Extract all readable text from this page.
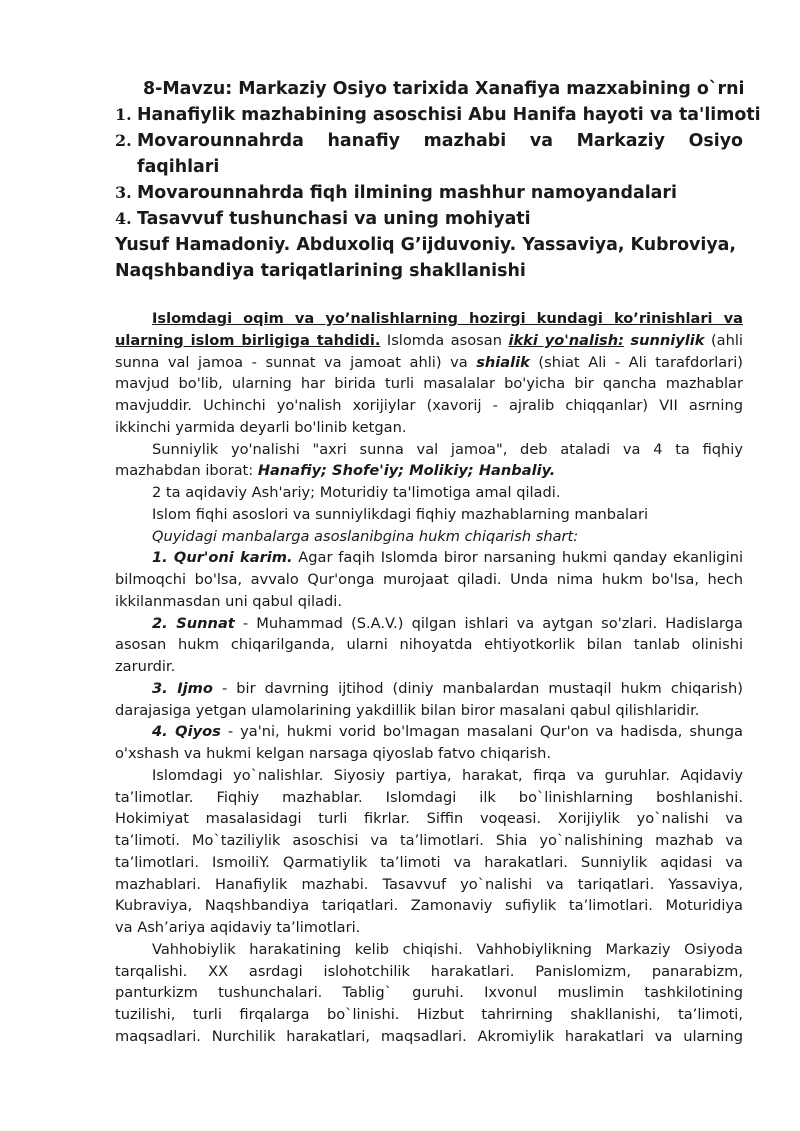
8-Mavzu: Markaziy Osiyo tarixida Xanafiya mazxabining o`rni
1. Hanafiylik mazhabining asoschisi Abu Hanifa hayoti va ta'limoti
2. Movarounnahrda hanafiy mazhabi va Markaziy Osiyo
faqihlari
3. Movarounnahrda fiqh ilmining mashhur namoyandalari
4. Tasavvuf tushunchasi va uning mohiyati
Yusuf Hamadoniy. Abduxoliq G’ijduvoniy. Yassaviya, Kubroviya,
Naqshbandiya tariqatlarining shakllanishi
Islomdagi oqim va yo’nalishlarning hozirgi kundagi ko’rinishlari va
ularning islom birligiga tahdidi. Islomda asosan ikki yo'nalish: sunniylik (ahli
sunna val jamoa - sunnat va jamoat ahli) va shialik (shiat Ali - Ali tarafdorlari)
mavjud bo'lib, ularning har birida turli masalalar bo'yicha bir qancha mazhablar
mavjuddir. Uchinchi yo'nalish xorijiylar (xavorij - ajralib chiqqanlar) VII asrning
ikkinchi yarmida deyarli bo'linib ketgan.
Sunniylik yo'nalishi "axri sunna val jamoa", deb ataladi va 4 ta fiqhiy
mazhabdan iborat: Hanafiy; Shofe'iy; Molikiy; Hanbaliy.
2 ta aqidaviy Ash'ariy; Moturidiy ta'limotiga amal qiladi.
Islom fiqhi asoslori va sunniylikdagi fiqhiy mazhablarning manbalari
Quyidagi manbalarga asoslanibgina hukm chiqarish shart:
1. Qur'oni karim. Agar faqih Islomda biror narsaning hukmi qanday ekanligini
bilmoqchi bo'lsa, avvalo Qur'onga murojaat qiladi. Unda nima hukm bo'lsa, hech
ikkilanmasdan uni qabul qiladi.
2. Sunnat - Muhammad (S.A.V.) qilgan ishlari va aytgan so'zlari. Hadislarga
asosan hukm chiqarilganda, ularni nihoyatda ehtiyotkorlik bilan tanlab olinishi
zarurdir.
3. Ijmo - bir davrning ijtihod (diniy manbalardan mustaqil hukm chiqarish)
darajasiga yetgan ulamolarining yakdillik bilan biror masalani qabul qilishlaridir.
4. Qiyos - ya'ni, hukmi vorid bo'lmagan masalani Qur'on va hadisda, shunga
o'xshash va hukmi kelgan narsaga qiyoslab fatvo chiqarish.
Islomdagi yo`nalishlar. Siyosiy partiya, harakat, firqa va guruhlar. Aqidaviy
ta’limotlar. Fiqhiy mazhablar. Islomdagi ilk bo`linishlarning boshlanishi.
Hokimiyat masalasidagi turli fikrlar. Siffin voqeasi. Xorijiylik yo`nalishi va
ta’limoti. Mo`taziliylik asoschisi va ta’limotlari. Shia yo`nalishining mazhab va
ta’limotlari. IsmoiliY. Qarmatiylik ta’limoti va harakatlari. Sunniylik aqidasi va
mazhablari. Hanafiylik mazhabi. Tasavvuf yo`nalishi va tariqatlari. Yassaviya,
Kubraviya, Naqshbandiya tariqatlari. Zamonaviy sufiylik ta’limotlari. Moturidiya
va Ash’ariya aqidaviy ta’limotlari.
Vahhobiylik harakatining kelib chiqishi. Vahhobiylikning Markaziy Osiyoda
tarqalishi. XX asrdagi islohotchilik harakatlari. Panislomizm, panarabizm,
panturkizm tushunchalari. Tablig` guruhi. Ixvonul muslimin tashkilotining
tuzilishi, turli firqalarga bo`linishi. Hizbut tahrirning shakllanishi, ta’limoti,
maqsadlari. Nurchilik harakatlari, maqsadlari. Akromiylik harakatlari va ularning
